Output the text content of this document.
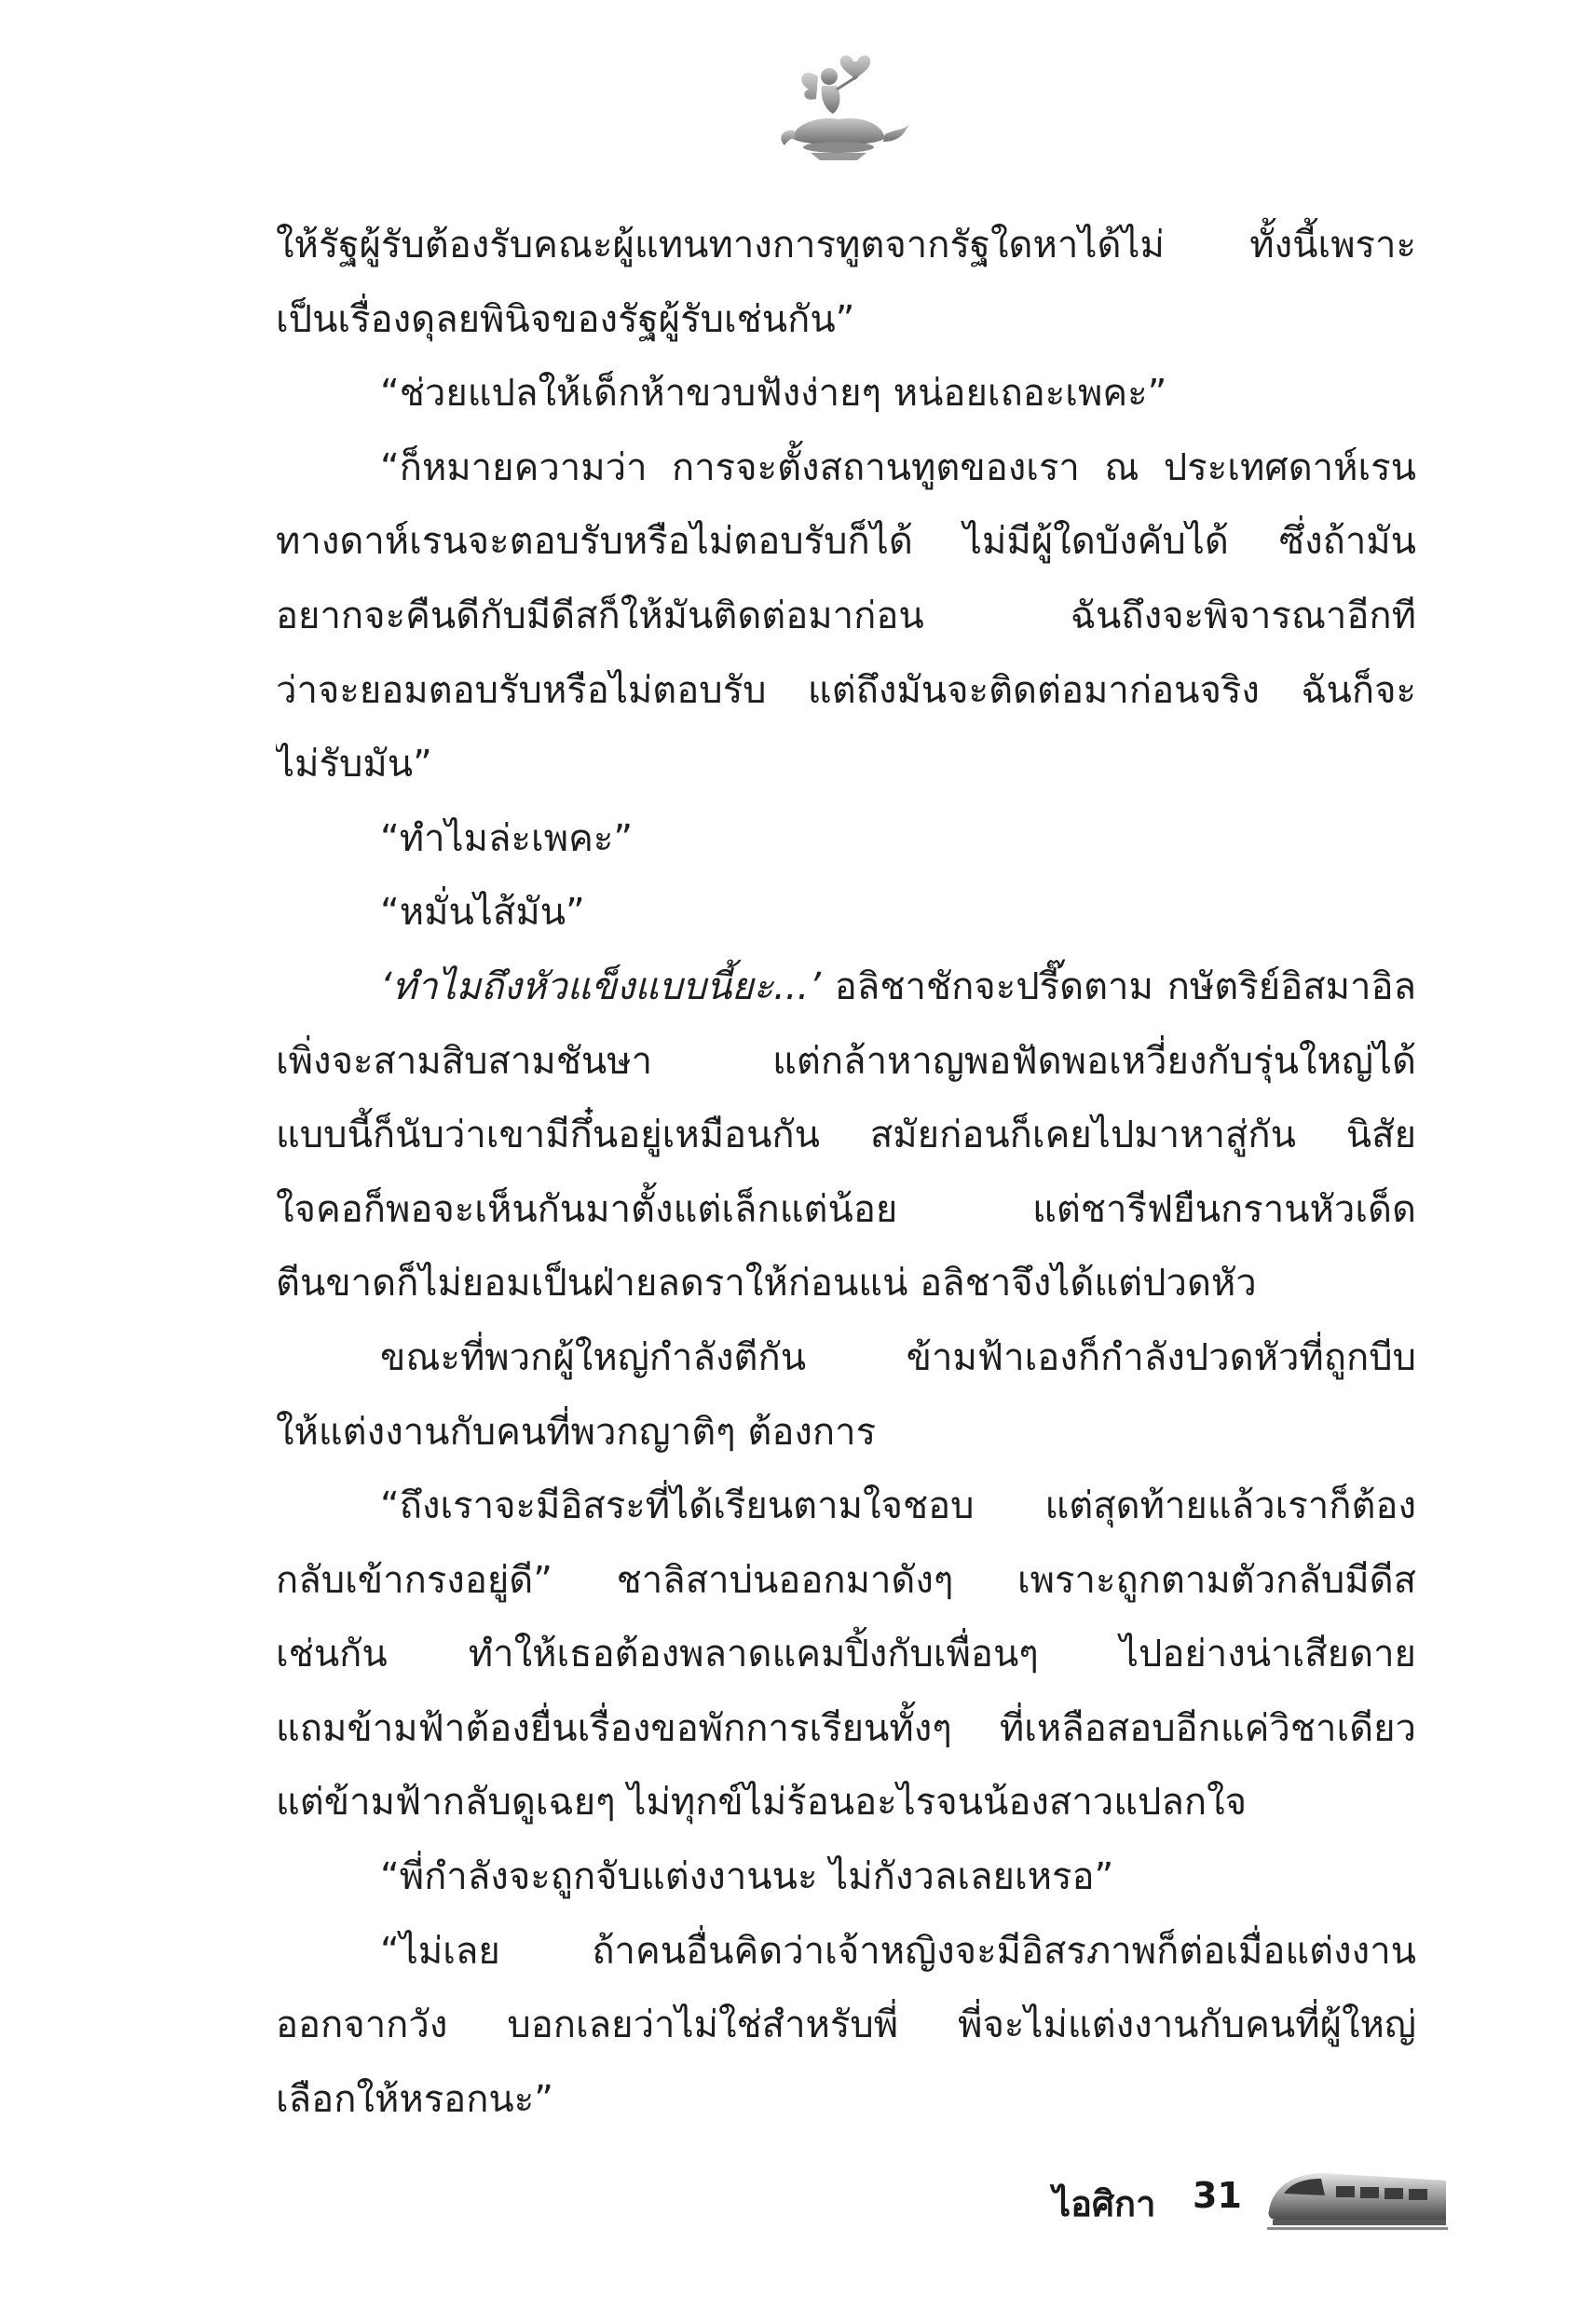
ให้รัฐผู้รับต้องรับคณะผู้แทนทางการทูตจากรัฐใดหาได้ไม่ ทั้งนี้เพราะ
เป็นเรื่องดุลยพินิจของรัฐผู้รับเช่นกัน”
“ช่วยแปลให้เด็กห้าขวบฟังง่ายๆ หน่อยเถอะเพคะ”
“ก็หมายความว่า การจะตั้งสถานทูตของเรา ณ ประเทศดาห์เรน
ทางดาห์เรนจะตอบรับหรือไม่ตอบรับก็ได้ ไม่มีผู้ใดบังคับได้ ซึ่งถ้ามัน
อยากจะคืนดีกับมีดีสก็ให้มันติดต่อมาก่อน ฉันถึงจะพิจารณาอีกที
ว่าจะยอมตอบรับหรือไม่ตอบรับ แต่ถึงมันจะติดต่อมาก่อนจริง ฉันก็จะ
ไม่รับมัน”
“ทำไมล่ะเพคะ”
“หมั่นไส้มัน”
‘ทำไมถึงหัวแข็งแบบนี้ยะ...’ อลิชาชักจะปรี๊ดตาม กษัตริย์อิสมาอิล
เพิ่งจะสามสิบสามชันษา แต่กล้าหาญพอฟัดพอเหวี่ยงกับรุ่นใหญ่ได้
แบบนี้ก็นับว่าเขามีกึ๋นอยู่เหมือนกัน สมัยก่อนก็เคยไปมาหาสู่กัน นิสัย
ใจคอก็พอจะเห็นกันมาตั้งแต่เล็กแต่น้อย แต่ชารีฟยืนกรานหัวเด็ด
ตีนขาดก็ไม่ยอมเป็นฝ่ายลดราให้ก่อนแน่ อลิชาจึงได้แต่ปวดหัว
ขณะที่พวกผู้ใหญ่กำลังตีกัน ข้ามฟ้าเองก็กำลังปวดหัวที่ถูกบีบ
ให้แต่งงานกับคนที่พวกญาติๆ ต้องการ
“ถึงเราจะมีอิสระที่ได้เรียนตามใจชอบ แต่สุดท้ายแล้วเราก็ต้อง
กลับเข้ากรงอยู่ดี” ชาลิสาบ่นออกมาดังๆ เพราะถูกตามตัวกลับมีดีส
เช่นกัน ทำให้เธอต้องพลาดแคมปิ้งกับเพื่อนๆ ไปอย่างน่าเสียดาย
แถมข้ามฟ้าต้องยื่นเรื่องขอพักการเรียนทั้งๆ ที่เหลือสอบอีกแค่วิชาเดียว
แต่ข้ามฟ้ากลับดูเฉยๆ ไม่ทุกข์ไม่ร้อนอะไรจนน้องสาวแปลกใจ
“พี่กำลังจะถูกจับแต่งงานนะ ไม่กังวลเลยเหรอ”
“ไม่เลย ถ้าคนอื่นคิดว่าเจ้าหญิงจะมีอิสรภาพก็ต่อเมื่อแต่งงาน
ออกจากวัง บอกเลยว่าไม่ใช่สำหรับพี่ พี่จะไม่แต่งงานกับคนที่ผู้ใหญ่
เลือกให้หรอกนะ”
ไอศิกา 31
